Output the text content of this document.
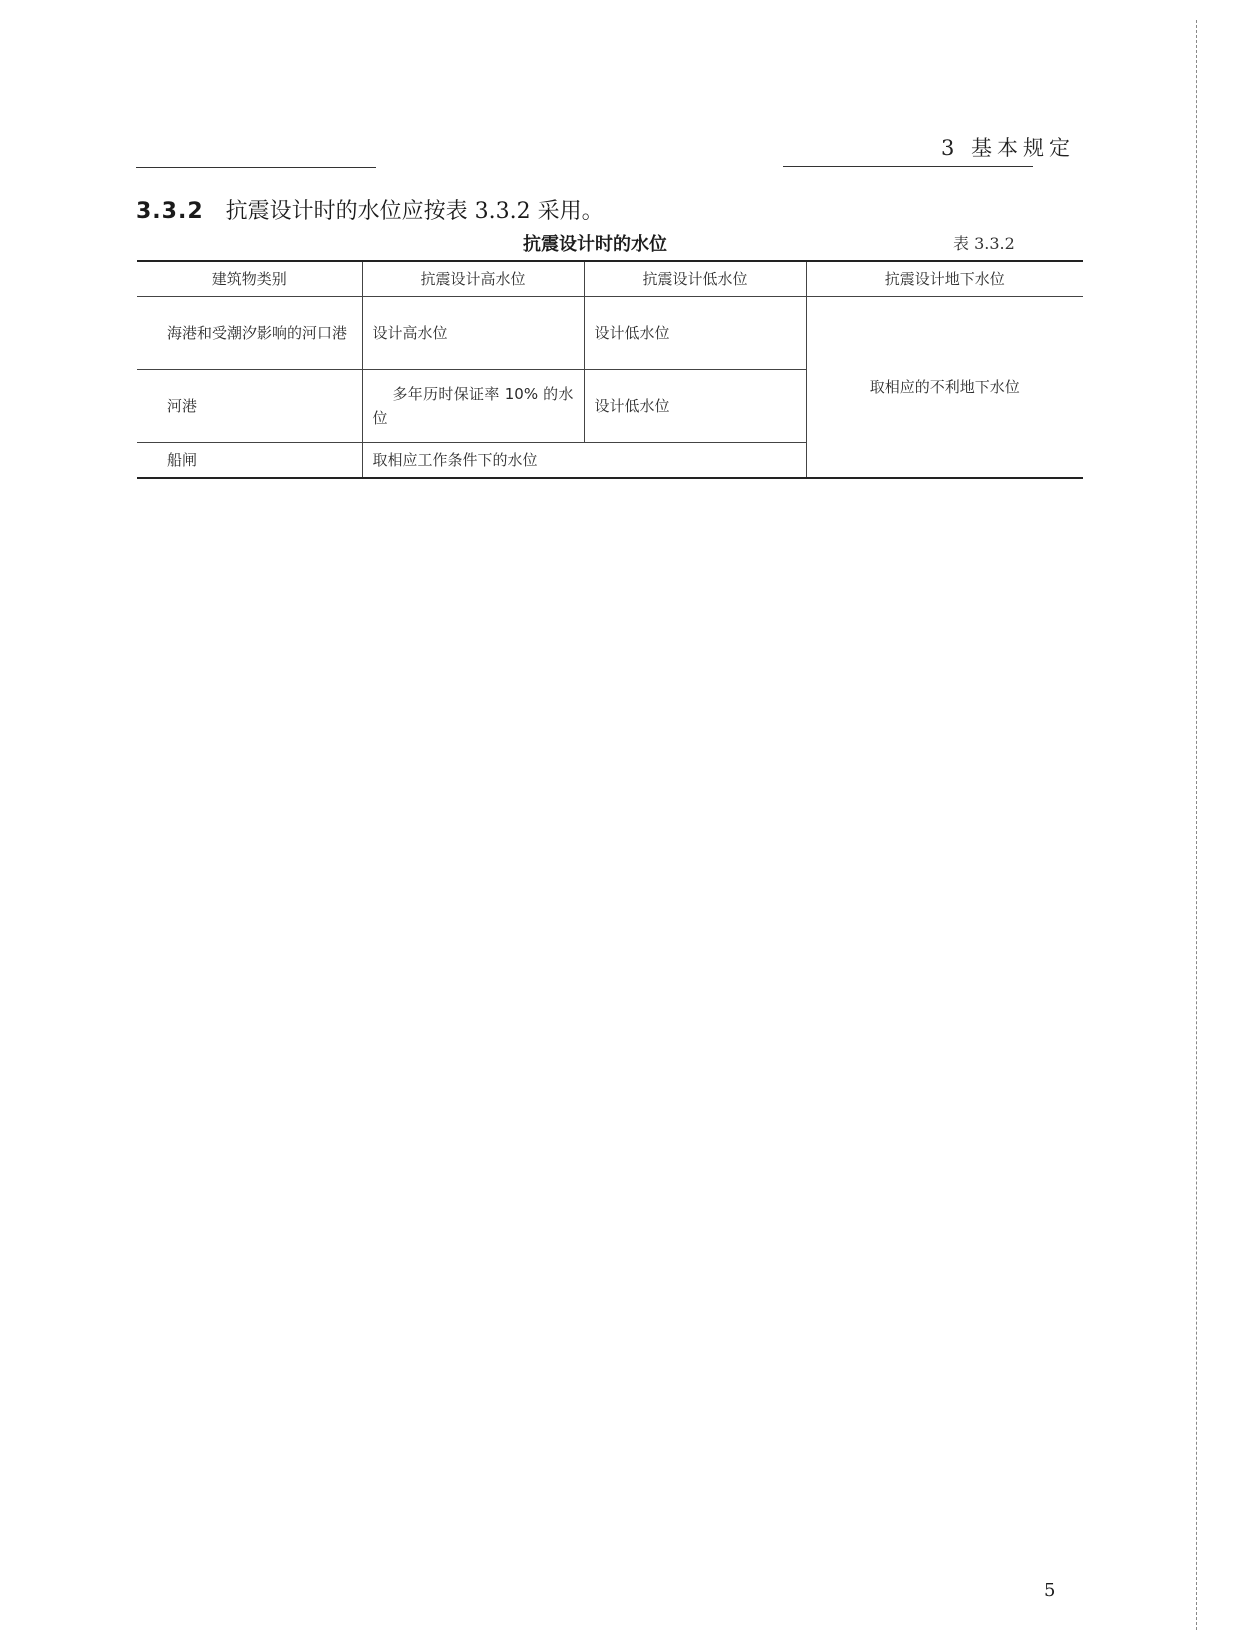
3 基本规定
3.3.2 抗震设计时的水位应按表 3.3.2 采用。
抗震设计时的水位	表 3.3.2
建筑物类别	抗震设计高水位	抗震设计低水位	抗震设计地下水位
海港和受潮汐影响的河口港	设计高水位	设计低水位	取相应的不利地下水位
河港	多年历时保证率 10% 的水位	设计低水位	
船闸	取相应工作条件下的水位		
5
